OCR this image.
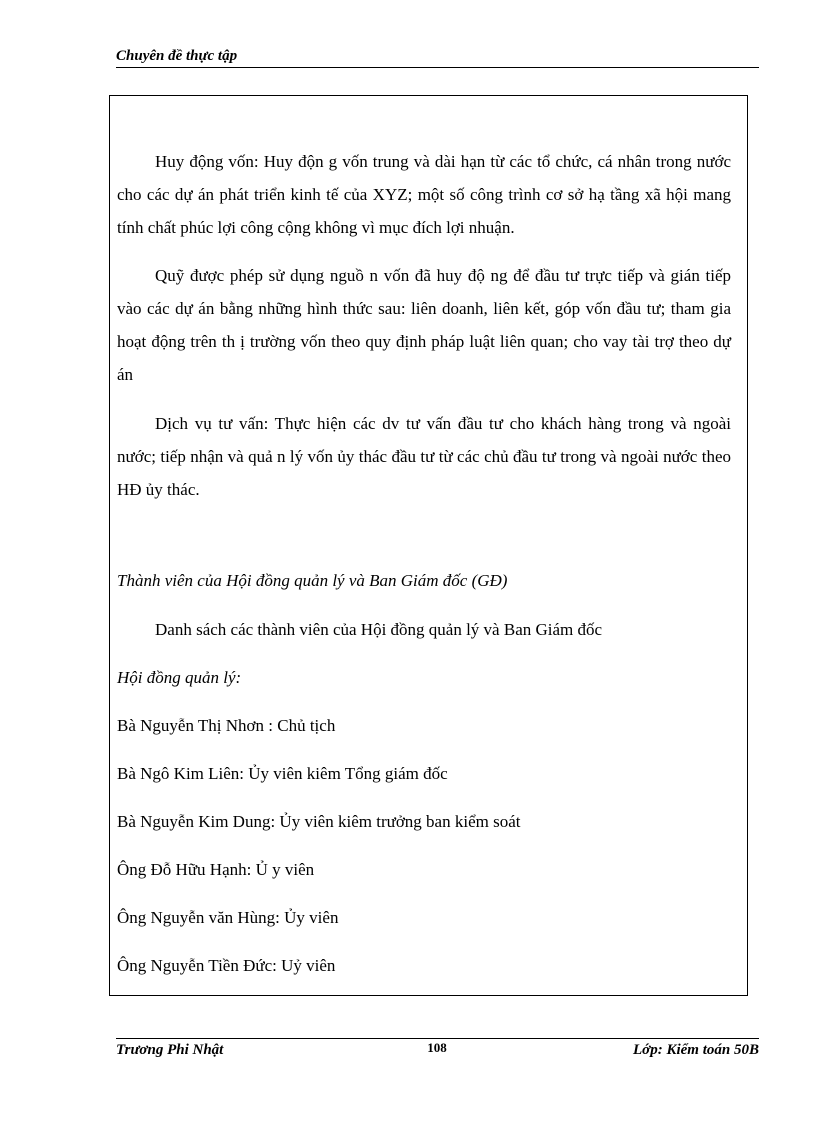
Chuyên đề thực tập

Huy động vốn: Huy độn g vốn trung và dài hạn từ các tổ chức, cá nhân trong nước cho các dự án phát triển kinh tế của XYZ; một số công trình cơ sở hạ tầng xã hội mang tính chất phúc lợi công cộng không vì mục đích lợi nhuận.

Quỹ được phép sử dụng nguồ n vốn đã huy độ ng để đầu tư trực tiếp và gián tiếp vào các dự án bằng những hình thức sau: liên doanh, liên kết, góp vốn đầu tư; tham gia hoạt động trên th ị trường vốn theo quy định pháp luật liên quan; cho vay tài trợ theo dự án

Dịch vụ tư vấn: Thực hiện các dv tư vấn đầu tư cho khách hàng trong và ngoài nước; tiếp nhận và quả n lý vốn ủy thác đầu tư từ các chủ đầu tư trong và ngoài nước theo HĐ ủy thác.

Thành viên của Hội đồng quản lý và Ban Giám đốc (GĐ)

Danh sách các thành viên của Hội đồng quản lý và Ban Giám đốc

Hội đồng quản lý:

Bà Nguyễn Thị Nhơn : Chủ tịch

Bà Ngô Kim Liên: Ủy viên kiêm Tổng giám đốc

Bà Nguyễn Kim Dung: Ủy viên kiêm trưởng ban kiểm soát

Ông Đỗ Hữu Hạnh: Ủ y viên

Ông Nguyễn văn Hùng: Ủy viên

Ông Nguyễn Tiền Đức: Uỷ viên

Trương Phi Nhật	108	Lớp: Kiểm toán 50B
